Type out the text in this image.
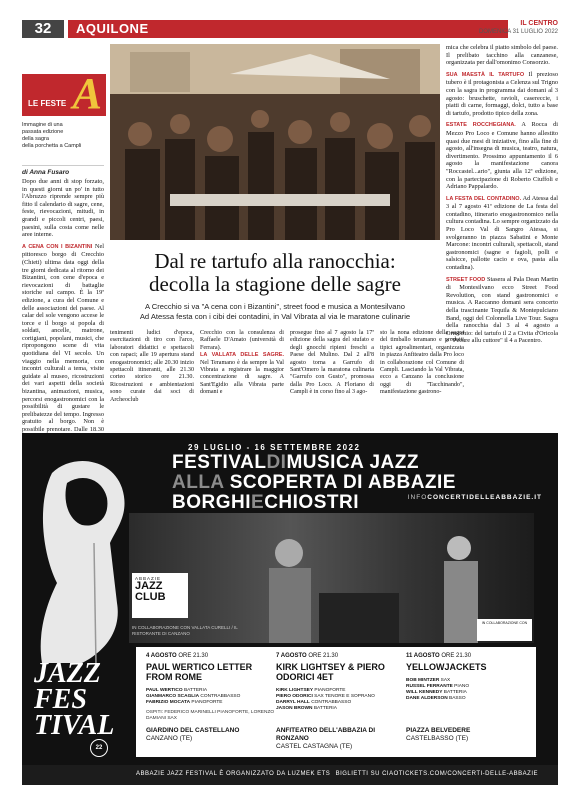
32	AQUILONE	IL CENTRO
DOMENICA 31 LUGLIO 2022
LE FESTE A
Immagine di una
passata edizione
della sagra
della porchetta a Campli
di Anna Fusaro

Dopo due anni di stop forzato, in questi giorni un po' in tutto l'Abruzzo riprende sempre più fitto il calendario di sagre, cene, feste, rievocazioni, mitudi, in grandi e piccoli centri, paesi, paesini, sulla costa come nelle aree interne.

A CENA CON I BIZANTINI Nel pittoresco borgo di Crecchio (Chieti) ultima data oggi della tre giorni dedicata al ritorno dei Bizantini, con cene d'epoca e rievocazioni di battaglie storiche sul campo. È la 19ª edizione, a cura del Comune e delle associazioni del paese. Al calar del sole vengono accese le torce e il borgo si popola di soldati, ancelle, matrone, cortigiani, popolani, musici, che ripropongono scene di vita quotidiana del VI secolo. Un viaggio nella memoria, con incontri culturali a tema, visite guidate al museo, ricostruzioni dei vari aspetti della società bizantina, animazioni, musica, percorsi enogastronomici con la possibilità di gustare le prelibatezze del tempo. Ingresso gratuito al borgo. Non è possibile prenotare. Dalle 18.30

mica che celebra il piatto simbolo del paese. Il prelibato tacchino alla canzanese, organizzata per dall'omonimo Consorzio.

SUA MAESTÀ IL TARTUFO Il prezioso tubero è il protagonista a Celenza sul Trigno con la sagra in programma dai domani al 3 agosto: bruschette, ravioli, casereccie, i piatti di carne, formaggi, dolci, tutto a base di tartufo, prodotto tipico della zona.

ESTATE ROCCHEGIANA. A Rocca di Mezzo Pro Loco e Comune hanno allestito quasi due mesi di iniziative, fino alla fine di agosto, all'insegna di musica, teatro, natura, divertimento. Prossimo appuntamento il 6 agosto la manifestazione canora "Roccastel...ario", giunta alla 12ª edizione, con la partecipazione di Roberto Ciuffoli e Adriano Pappalardo.

LA FESTA DEL CONTADINO. Ad Atessa dal 3 al 7 agosto 41ª edizione de La festa del contadino, itinerario enogastronomico nella cultura contadina. Lo sempre organizzato da Pro Loco Val di Sangro Atessa, si svolgeranno in piazza Sabatini e Monte Marcone: incontri culturali, spettacoli, stand gastronomici (sagne e fagioli, polli e salsicce, pallotte cacio e ova, pasta alla contadina).

STREET FOOD Stasera al Pala Dean Martin di Montesilvano ecco Street Food Revolution, con stand gastronomici e musica. A Raccanno domani sera concerto della trascinante Tequila & Montepulciano Band, oggi del Colonnella Live Tour. Sagra della ranocchia dal 3 al 4 agosto a Ortucchio: del tartufo il 2 a Civita d'Oricola e "Pecure allu cuttore" il 4 a Pacentro.

Dal re tartufo alla ranocchia:
decolla la stagione delle sagre
A Crecchio si va "A cena con i Bizantini", street food e musica a Montesilvano
Ad Atessa festa con i cibi dei contadini, in Val Vibrata al via le maratone culinarie
tenimenti ludici d'epoca, esercitazioni di tiro con l'arco, laboratori didattici e spettacoli con rapaci; alle 19 apertura stand enogastronomici; alle 20.30 inizio spettacoli itineranti, alle 21.30 corteo storico ore 21.30. Ricostruzioni e ambientazioni sono curate dai soci di Archeoclub
Crecchio con la consulenza di Raffaele D'Amato (università di Ferrara).
LA VALLATA DELLE SAGRE. Nel Teramano è da sempre la Val Vibrata a registrare la maggior concentrazione di sagre. A Sant'Egidio alla Vibrata parte domani e
prosegue fino al 7 agosto la 17ª edizione della sagra del stufato e degli gnocchi ripieni freschi a Paese del Mulino. Dal 2 all'8 agosto torna a Garrufo di Sant'Omero la maratona culinaria "Garrufo con Gusto", promossa dalla Pro Loco. A Floriano di Campli è in corso fino al 3 ago-
sto la nona edizione della sagra del timballo teramano e prodotti tipici agroalimentari, organizzata in piazza Anfiteatro dalla Pro loco in collaborazione col Comune di Campli. Lasciando la Val Vibrata, ecco a Canzano la conclusione oggi di "Tacchinando", manifestazione gastrono-
29 LUGLIO - 16 SETTEMBRE 2022
FESTIVALDIMUSICA JAZZ
ALLA SCOPERTA DI ABBAZIE
BORGHIECHIOSTRI	INFOCONCERTIDELLEABBAZIE.IT
ABBAZIE
JAZZ
CLUB
IN COLLABORAZIONE CON VALLATA CURELLI / IL RISTORANTE DI CANZANO
IN COLLABORAZIONE CON
JAZZ FES TIVAL
22
FESTIVAL
4 AGOSTO ORE 21.30
PAUL WERTICO LETTER FROM ROME
PAUL WERTICO BATTERIA
GIANMARCO SCAGLIA CONTRABBASSO
FABRIZIO MOCATA PIANOFORTE
OSPITI: FEDERICO MARINELLI PIANOFORTE, LORENZO DAMIANI SAX
GIARDINO DEL CASTELLANO
CANZANO (TE)
7 AGOSTO ORE 21.30
KIRK LIGHTSEY & PIERO ODORICI 4ET
KIRK LIGHTSEY PIANOFORTE
PIERO ODORICI SAX TENORE E SOPRANO
DARRYL HALL CONTRABBASSO
JASON BROWN BATTERIA
ANFITEATRO DELL'ABBAZIA DI RONZANO
CASTEL CASTAGNA (TE)
11 AGOSTO ORE 21.30
YELLOWJACKETS
BOB MINTZER SAX
RUSSEL FERRANTE PIANO
WILL KENNEDY BATTERIA
DANE ALDERSON BASSO
PIAZZA BELVEDERE
CASTELBASSO (TE)
ABBAZIE JAZZ FESTIVAL È ORGANIZZATO DA LUZMEK ETS BIGLIETTI SU CIAOTICKETS.COM/CONCERTI-DELLE-ABBAZIE
